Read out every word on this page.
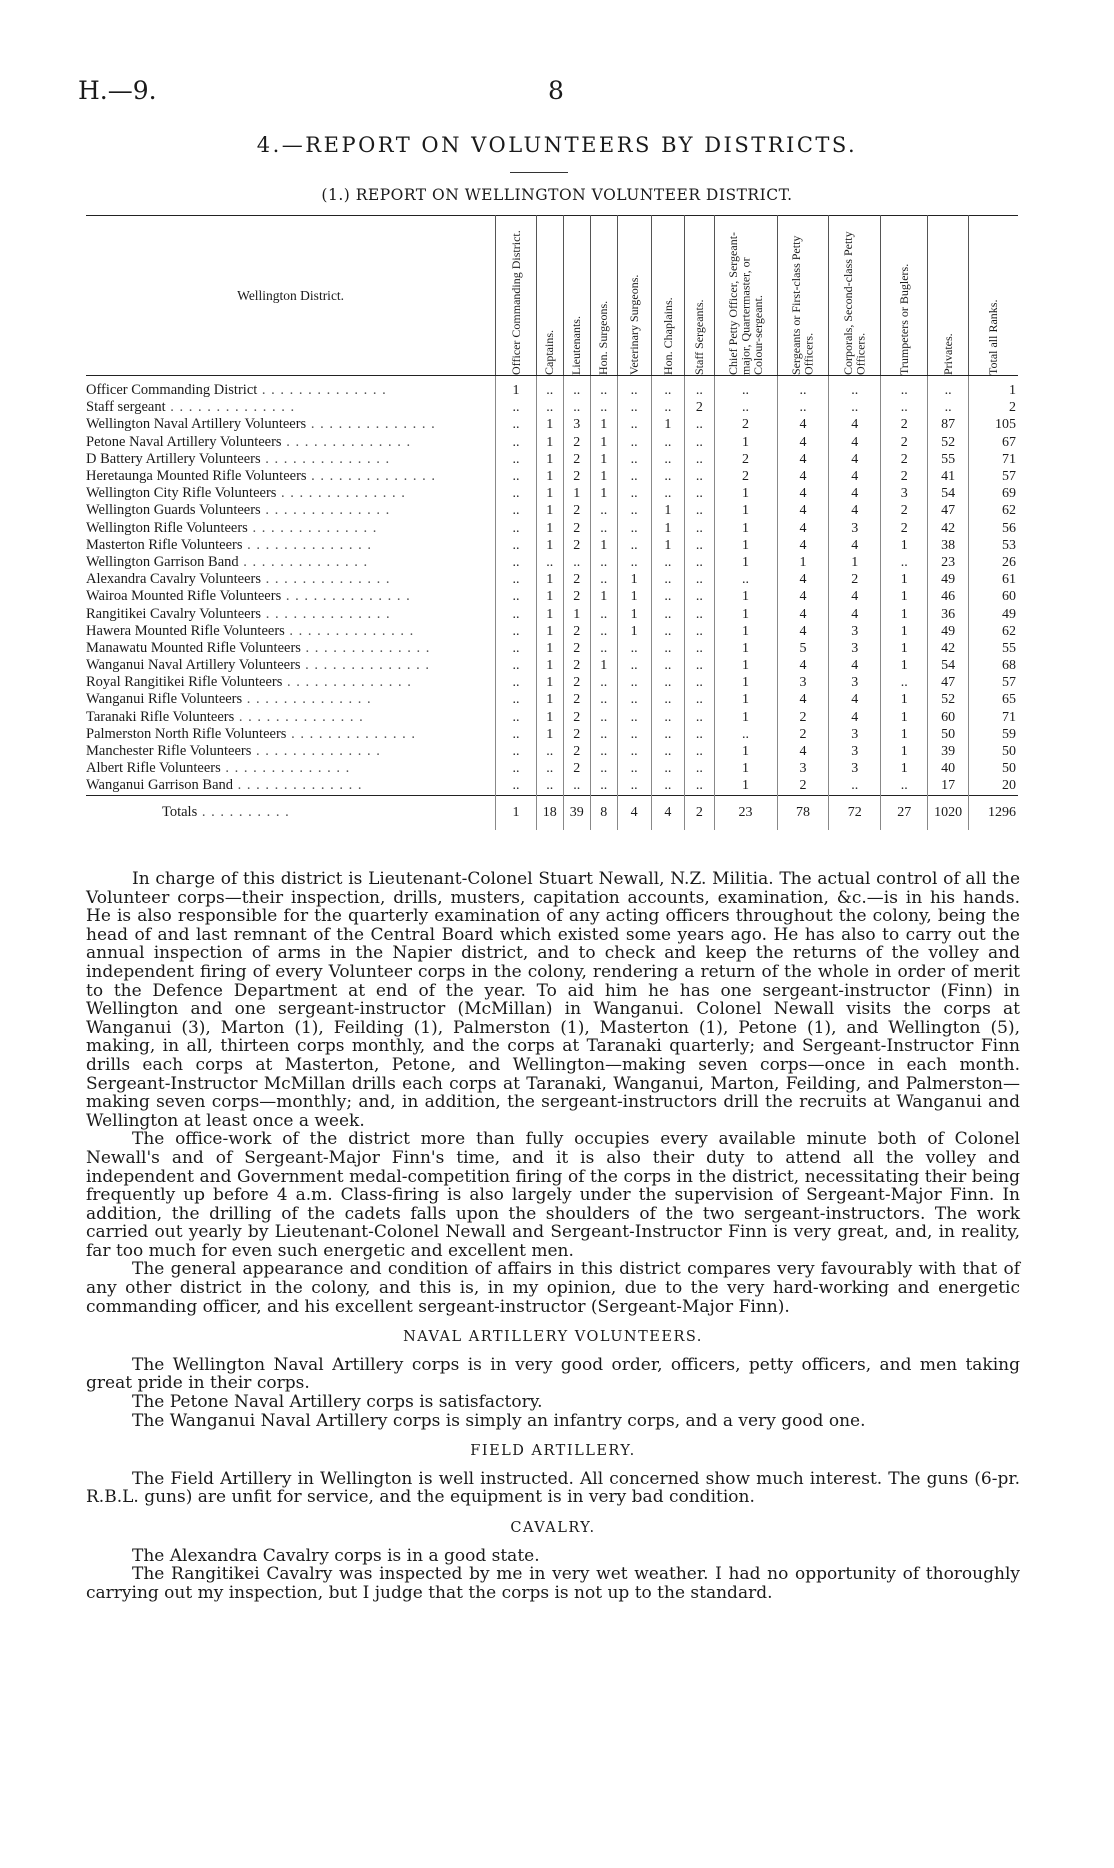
H.—9.	8
4.—REPORT ON VOLUNTEERS BY DISTRICTS.
(1.) REPORT ON WELLINGTON VOLUNTEER DISTRICT.
Wellington District.	Officer Commanding District.	Captains.	Lieutenants.	Hon. Surgeons.	Veterinary Surgeons.	Hon. Chaplains.	Staff Sergeants.	Chief Petty Officer, Sergeant-major, Quartermaster, or Colour-sergeant.	Sergeants or First-class Petty Officers.	Corporals, Second-class Petty Officers.	Trumpeters or Buglers.	Privates.	Total all Ranks.

Officer Commanding District . . . . . . . . . . . . . .	1	..	..	..	..	..	..	..	..	..	..	..	1
Staff sergeant . . . . . . . . . . . . . .	..	..	..	..	..	..	2	..	..	..	..	..	2
Wellington Naval Artillery Volunteers . . . . . . . . . . . . . .	..	1	3	1	..	1	..	2	4	4	2	87	105
Petone Naval Artillery Volunteers . . . . . . . . . . . . . .	..	1	2	1	..	..	..	1	4	4	2	52	67
D Battery Artillery Volunteers . . . . . . . . . . . . . .	..	1	2	1	..	..	..	2	4	4	2	55	71
Heretaunga Mounted Rifle Volunteers . . . . . . . . . . . . . .	..	1	2	1	..	..	..	2	4	4	2	41	57
Wellington City Rifle Volunteers . . . . . . . . . . . . . .	..	1	1	1	..	..	..	1	4	4	3	54	69
Wellington Guards Volunteers . . . . . . . . . . . . . .	..	1	2	..	..	1	..	1	4	4	2	47	62
Wellington Rifle Volunteers . . . . . . . . . . . . . .	..	1	2	..	..	1	..	1	4	3	2	42	56
Masterton Rifle Volunteers . . . . . . . . . . . . . .	..	1	2	1	..	1	..	1	4	4	1	38	53
Wellington Garrison Band . . . . . . . . . . . . . .	..	..	..	..	..	..	..	1	1	1	..	23	26
Alexandra Cavalry Volunteers . . . . . . . . . . . . . .	..	1	2	..	1	..	..	..	4	2	1	49	61
Wairoa Mounted Rifle Volunteers . . . . . . . . . . . . . .	..	1	2	1	1	..	..	1	4	4	1	46	60
Rangitikei Cavalry Volunteers . . . . . . . . . . . . . .	..	1	1	..	1	..	..	1	4	4	1	36	49
Hawera Mounted Rifle Volunteers . . . . . . . . . . . . . .	..	1	2	..	1	..	..	1	4	3	1	49	62
Manawatu Mounted Rifle Volunteers . . . . . . . . . . . . . .	..	1	2	..	..	..	..	1	5	3	1	42	55
Wanganui Naval Artillery Volunteers . . . . . . . . . . . . . .	..	1	2	1	..	..	..	1	4	4	1	54	68
Royal Rangitikei Rifle Volunteers . . . . . . . . . . . . . .	..	1	2	..	..	..	..	1	3	3	..	47	57
Wanganui Rifle Volunteers . . . . . . . . . . . . . .	..	1	2	..	..	..	..	1	4	4	1	52	65
Taranaki Rifle Volunteers . . . . . . . . . . . . . .	..	1	2	..	..	..	..	1	2	4	1	60	71
Palmerston North Rifle Volunteers . . . . . . . . . . . . . .	..	1	2	..	..	..	..	..	2	3	1	50	59
Manchester Rifle Volunteers . . . . . . . . . . . . . .	..	..	2	..	..	..	..	1	4	3	1	39	50
Albert Rifle Volunteers . . . . . . . . . . . . . .	..	..	2	..	..	..	..	1	3	3	1	40	50
Wanganui Garrison Band . . . . . . . . . . . . . .	..	..	..	..	..	..	..	1	2	..	..	17	20
Totals . . . . . . . . . .	1	18	39	8	4	4	2	23	78	72	27	1020	1296

In charge of this district is Lieutenant-Colonel Stuart Newall, N.Z. Militia. The actual control of all the Volunteer corps—their inspection, drills, musters, capitation accounts, examination, &c.—is in his hands. He is also responsible for the quarterly examination of any acting officers throughout the colony, being the head of and last remnant of the Central Board which existed some years ago. He has also to carry out the annual inspection of arms in the Napier district, and to check and keep the returns of the volley and independent firing of every Volunteer corps in the colony, rendering a return of the whole in order of merit to the Defence Department at end of the year. To aid him he has one sergeant-instructor (Finn) in Wellington and one sergeant-instructor (McMillan) in Wanganui. Colonel Newall visits the corps at Wanganui (3), Marton (1), Feilding (1), Palmerston (1), Masterton (1), Petone (1), and Wellington (5), making, in all, thirteen corps monthly, and the corps at Taranaki quarterly; and Sergeant-Instructor Finn drills each corps at Masterton, Petone, and Wellington—making seven corps—once in each month. Sergeant-Instructor McMillan drills each corps at Taranaki, Wanganui, Marton, Feilding, and Palmerston—making seven corps—monthly; and, in addition, the sergeant-instructors drill the recruits at Wanganui and Wellington at least once a week.

The office-work of the district more than fully occupies every available minute both of Colonel Newall's and of Sergeant-Major Finn's time, and it is also their duty to attend all the volley and independent and Government medal-competition firing of the corps in the district, necessitating their being frequently up before 4 a.m. Class-firing is also largely under the supervision of Sergeant-Major Finn. In addition, the drilling of the cadets falls upon the shoulders of the two sergeant-instructors. The work carried out yearly by Lieutenant-Colonel Newall and Sergeant-Instructor Finn is very great, and, in reality, far too much for even such energetic and excellent men.

The general appearance and condition of affairs in this district compares very favourably with that of any other district in the colony, and this is, in my opinion, due to the very hard-working and energetic commanding officer, and his excellent sergeant-instructor (Sergeant-Major Finn).

NAVAL ARTILLERY VOLUNTEERS.

The Wellington Naval Artillery corps is in very good order, officers, petty officers, and men taking great pride in their corps.

The Petone Naval Artillery corps is satisfactory.

The Wanganui Naval Artillery corps is simply an infantry corps, and a very good one.

FIELD ARTILLERY.

The Field Artillery in Wellington is well instructed. All concerned show much interest. The guns (6-pr. R.B.L. guns) are unfit for service, and the equipment is in very bad condition.

CAVALRY.

The Alexandra Cavalry corps is in a good state.

The Rangitikei Cavalry was inspected by me in very wet weather. I had no opportunity of thoroughly carrying out my inspection, but I judge that the corps is not up to the standard.
